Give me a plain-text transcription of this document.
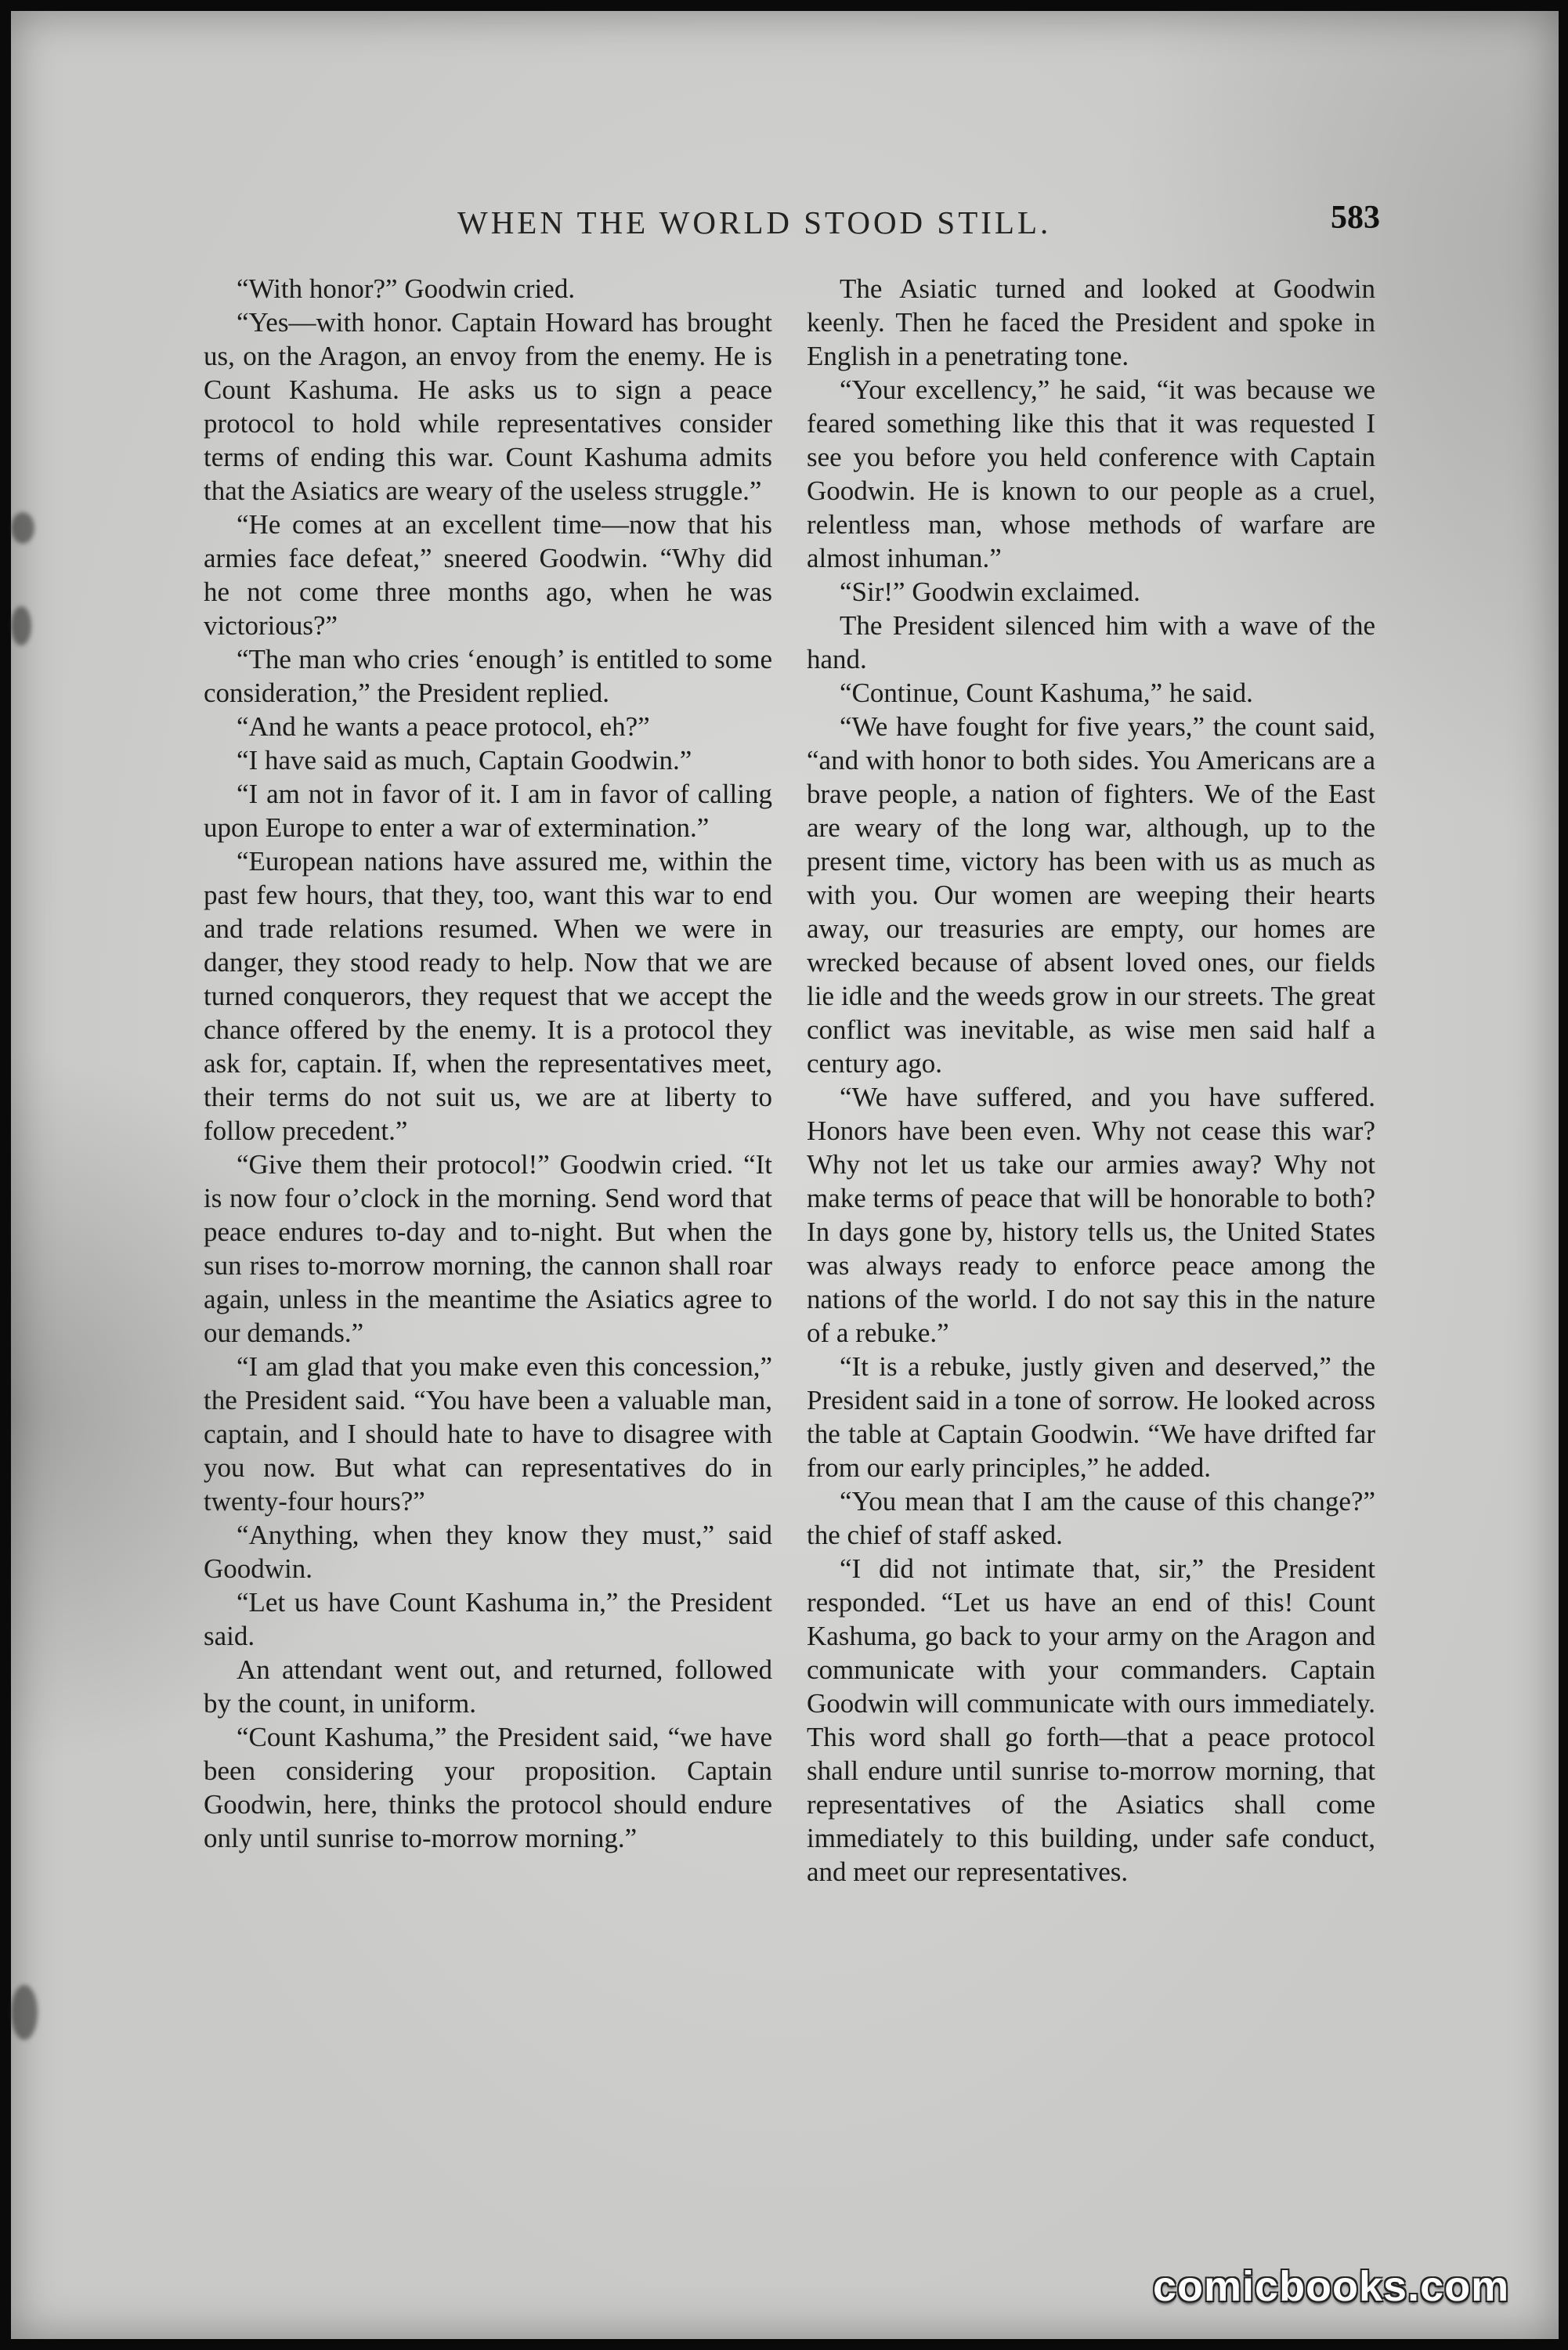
WHEN THE WORLD STOOD STILL.	583

“With honor?” Goodwin cried.

“Yes—with honor. Captain Howard has brought us, on the Aragon, an envoy from the enemy. He is Count Kashuma. He asks us to sign a peace protocol to hold while representatives consider terms of ending this war. Count Kashuma admits that the Asiatics are weary of the useless struggle.”

“He comes at an excellent time—now that his armies face defeat,” sneered Goodwin. “Why did he not come three months ago, when he was victorious?”

“The man who cries ‘enough’ is entitled to some consideration,” the President replied.

“And he wants a peace protocol, eh?”

“I have said as much, Captain Goodwin.”

“I am not in favor of it. I am in favor of calling upon Europe to enter a war of extermination.”

“European nations have assured me, within the past few hours, that they, too, want this war to end and trade relations resumed. When we were in danger, they stood ready to help. Now that we are turned conquerors, they request that we accept the chance offered by the enemy. It is a protocol they ask for, captain. If, when the representatives meet, their terms do not suit us, we are at liberty to follow precedent.”

“Give them their protocol!” Goodwin cried. “It is now four o’clock in the morning. Send word that peace endures to-day and to-night. But when the sun rises to-morrow morning, the cannon shall roar again, unless in the meantime the Asiatics agree to our demands.”

“I am glad that you make even this concession,” the President said. “You have been a valuable man, captain, and I should hate to have to disagree with you now. But what can representatives do in twenty-four hours?”

“Anything, when they know they must,” said Goodwin.

“Let us have Count Kashuma in,” the President said.

An attendant went out, and returned, followed by the count, in uniform.

“Count Kashuma,” the President said, “we have been considering your proposition. Captain Goodwin, here, thinks the protocol should endure only until sunrise to-morrow morning.”

The Asiatic turned and looked at Goodwin keenly. Then he faced the President and spoke in English in a penetrating tone.

“Your excellency,” he said, “it was because we feared something like this that it was requested I see you before you held conference with Captain Goodwin. He is known to our people as a cruel, relentless man, whose methods of warfare are almost inhuman.”

“Sir!” Goodwin exclaimed.

The President silenced him with a wave of the hand.

“Continue, Count Kashuma,” he said.

“We have fought for five years,” the count said, “and with honor to both sides. You Americans are a brave people, a nation of fighters. We of the East are weary of the long war, although, up to the present time, victory has been with us as much as with you. Our women are weeping their hearts away, our treasuries are empty, our homes are wrecked because of absent loved ones, our fields lie idle and the weeds grow in our streets. The great conflict was inevitable, as wise men said half a century ago.

“We have suffered, and you have suffered. Honors have been even. Why not cease this war? Why not let us take our armies away? Why not make terms of peace that will be honorable to both? In days gone by, history tells us, the United States was always ready to enforce peace among the nations of the world. I do not say this in the nature of a rebuke.”

“It is a rebuke, justly given and deserved,” the President said in a tone of sorrow. He looked across the table at Captain Goodwin. “We have drifted far from our early principles,” he added.

“You mean that I am the cause of this change?” the chief of staff asked.

“I did not intimate that, sir,” the President responded. “Let us have an end of this! Count Kashuma, go back to your army on the Aragon and communicate with your commanders. Captain Goodwin will communicate with ours immediately. This word shall go forth—that a peace protocol shall endure until sunrise to-morrow morning, that representatives of the Asiatics shall come immediately to this building, under safe conduct, and meet our representatives.

comicbooks.com
